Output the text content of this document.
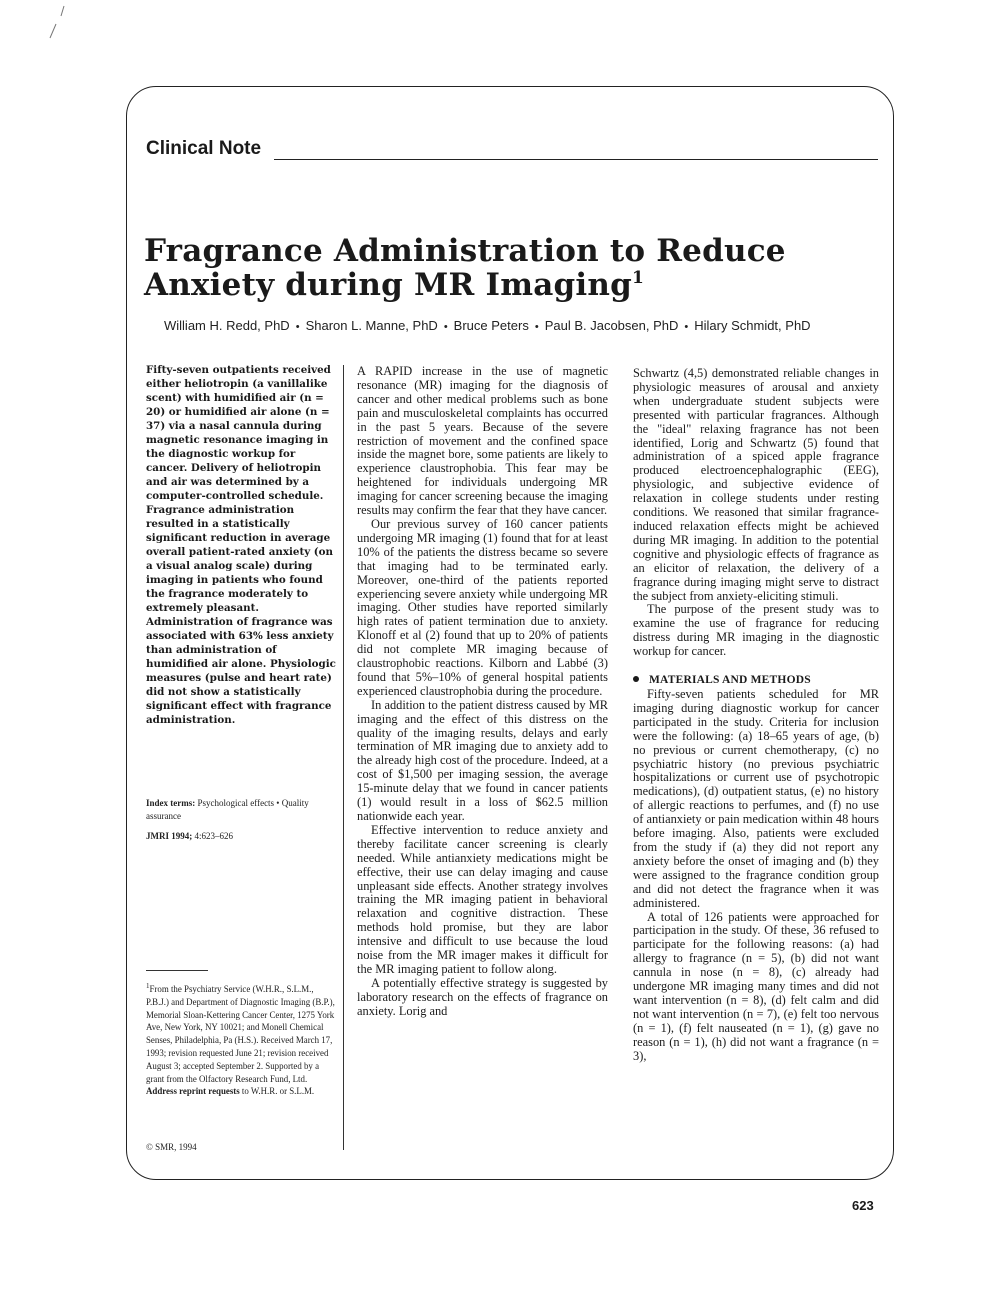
Clinical Note
Fragrance Administration to Reduce Anxiety during MR Imaging$^1$
William H. Redd, PhD • Sharon L. Manne, PhD • Bruce Peters • Paul B. Jacobsen, PhD • Hilary Schmidt, PhD

Fifty-seven outpatients received either heliotropin (a vanillalike scent) with humidified air (n = 20) or humidified air alone (n = 37) via a nasal cannula during magnetic resonance imaging in the diagnostic workup for cancer. Delivery of heliotropin and air was determined by a computer-controlled schedule. Fragrance administration resulted in a statistically significant reduction in average overall patient-rated anxiety (on a visual analog scale) during imaging in patients who found the fragrance moderately to extremely pleasant. Administration of fragrance was associated with 63% less anxiety than administration of humidified air alone. Physiologic measures (pulse and heart rate) did not show a statistically significant effect with fragrance administration.

Index terms: Psychological effects • Quality assurance
JMRI 1994; 4:623–626

$^1$From the Psychiatry Service (W.H.R., S.L.M., P.B.J.) and Department of Diagnostic Imaging (B.P.), Memorial Sloan-Kettering Cancer Center, 1275 York Ave, New York, NY 10021; and Monell Chemical Senses, Philadelphia, Pa (H.S.). Received March 17, 1993; revision requested June 21; revision received August 3; accepted September 2. Supported by a grant from the Olfactory Research Fund, Ltd. Address reprint requests to W.H.R. or S.L.M.

© SMR, 1994

A RAPID increase in the use of magnetic resonance (MR) imaging for the diagnosis of cancer and other medical problems such as bone pain and musculoskeletal complaints has occurred in the past 5 years. Because of the severe restriction of movement and the confined space inside the magnet bore, some patients are likely to experience claustrophobia. This fear may be heightened for individuals undergoing MR imaging for cancer screening because the imaging results may confirm the fear that they have cancer.

Our previous survey of 160 cancer patients undergoing MR imaging (1) found that for at least 10% of the patients the distress became so severe that imaging had to be terminated early. Moreover, one-third of the patients reported experiencing severe anxiety while undergoing MR imaging. Other studies have reported similarly high rates of patient termination due to anxiety. Klonoff et al (2) found that up to 20% of patients did not complete MR imaging because of claustrophobic reactions. Kilborn and Labbé (3) found that 5%–10% of general hospital patients experienced claustrophobia during the procedure.

In addition to the patient distress caused by MR imaging and the effect of this distress on the quality of the imaging results, delays and early termination of MR imaging due to anxiety add to the already high cost of the procedure. Indeed, at a cost of $1,500 per imaging session, the average 15-minute delay that we found in cancer patients (1) would result in a loss of $62.5 million nationwide each year.

Effective intervention to reduce anxiety and thereby facilitate cancer screening is clearly needed. While antianxiety medications might be effective, their use can delay imaging and cause unpleasant side effects. Another strategy involves training the MR imaging patient in behavioral relaxation and cognitive distraction. These methods hold promise, but they are labor intensive and difficult to use because the loud noise from the MR imager makes it difficult for the MR imaging patient to follow along.

A potentially effective strategy is suggested by laboratory research on the effects of fragrance on anxiety. Lorig and

Schwartz (4,5) demonstrated reliable changes in physiologic measures of arousal and anxiety when undergraduate student subjects were presented with particular fragrances. Although the "ideal" relaxing fragrance has not been identified, Lorig and Schwartz (5) found that administration of a spiced apple fragrance produced electroencephalographic (EEG), physiologic, and subjective evidence of relaxation in college students under resting conditions. We reasoned that similar fragrance-induced relaxation effects might be achieved during MR imaging. In addition to the potential cognitive and physiologic effects of fragrance as an elicitor of relaxation, the delivery of a fragrance during imaging might serve to distract the subject from anxiety-eliciting stimuli.

The purpose of the present study was to examine the use of fragrance for reducing distress during MR imaging in the diagnostic workup for cancer.

MATERIALS AND METHODS

Fifty-seven patients scheduled for MR imaging during diagnostic workup for cancer participated in the study. Criteria for inclusion were the following: (a) 18–65 years of age, (b) no previous or current chemotherapy, (c) no psychiatric history (no previous psychiatric hospitalizations or current use of psychotropic medications), (d) outpatient status, (e) no history of allergic reactions to perfumes, and (f) no use of antianxiety or pain medication within 48 hours before imaging. Also, patients were excluded from the study if (a) they did not report any anxiety before the onset of imaging and (b) they were assigned to the fragrance condition group and did not detect the fragrance when it was administered.

A total of 126 patients were approached for participation in the study. Of these, 36 refused to participate for the following reasons: (a) had allergy to fragrance (n = 5), (b) did not want cannula in nose (n = 8), (c) already had undergone MR imaging many times and did not want intervention (n = 8), (d) felt calm and did not want intervention (n = 7), (e) felt too nervous (n = 1), (f) felt nauseated (n = 1), (g) gave no reason (n = 1), (h) did not want a fragrance (n = 3),

623
